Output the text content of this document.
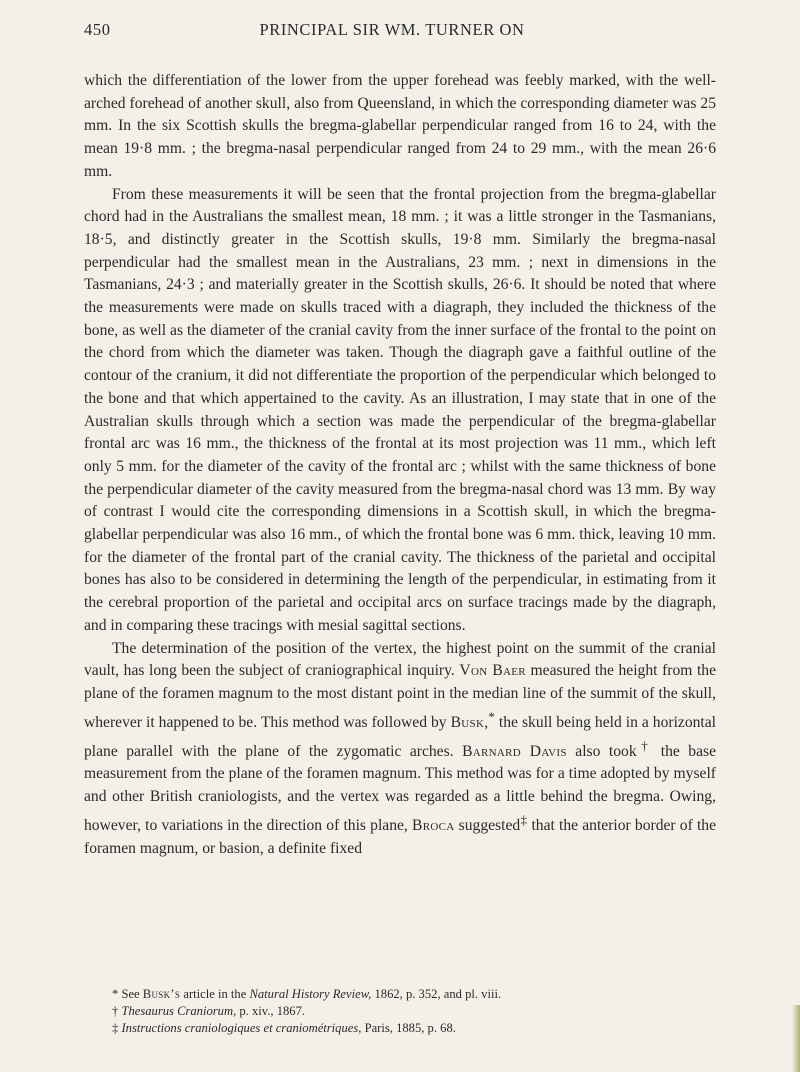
450	PRINCIPAL SIR WM. TURNER ON

which the differentiation of the lower from the upper forehead was feebly marked, with the well-arched forehead of another skull, also from Queensland, in which the corresponding diameter was 25 mm. In the six Scottish skulls the bregma-glabellar perpendicular ranged from 16 to 24, with the mean 19·8 mm. ; the bregma-nasal perpendicular ranged from 24 to 29 mm., with the mean 26·6 mm.

From these measurements it will be seen that the frontal projection from the bregma-glabellar chord had in the Australians the smallest mean, 18 mm. ; it was a little stronger in the Tasmanians, 18·5, and distinctly greater in the Scottish skulls, 19·8 mm. Similarly the bregma-nasal perpendicular had the smallest mean in the Australians, 23 mm. ; next in dimensions in the Tasmanians, 24·3 ; and materially greater in the Scottish skulls, 26·6. It should be noted that where the measurements were made on skulls traced with a diagraph, they included the thickness of the bone, as well as the diameter of the cranial cavity from the inner surface of the frontal to the point on the chord from which the diameter was taken. Though the diagraph gave a faithful outline of the contour of the cranium, it did not differentiate the proportion of the perpendicular which belonged to the bone and that which appertained to the cavity. As an illustration, I may state that in one of the Australian skulls through which a section was made the perpendicular of the bregma-glabellar frontal arc was 16 mm., the thickness of the frontal at its most projection was 11 mm., which left only 5 mm. for the diameter of the cavity of the frontal arc ; whilst with the same thickness of bone the perpendicular diameter of the cavity measured from the bregma-nasal chord was 13 mm. By way of contrast I would cite the corresponding dimensions in a Scottish skull, in which the bregma-glabellar perpendicular was also 16 mm., of which the frontal bone was 6 mm. thick, leaving 10 mm. for the diameter of the frontal part of the cranial cavity. The thickness of the parietal and occipital bones has also to be considered in determining the length of the perpendicular, in estimating from it the cerebral proportion of the parietal and occipital arcs on surface tracings made by the diagraph, and in comparing these tracings with mesial sagittal sections.

The determination of the position of the vertex, the highest point on the summit of the cranial vault, has long been the subject of craniographical inquiry. Von Baer measured the height from the plane of the foramen magnum to the most distant point in the median line of the summit of the skull, wherever it happened to be. This method was followed by Busk,* the skull being held in a horizontal plane parallel with the plane of the zygomatic arches. Barnard Davis also took† the base measurement from the plane of the foramen magnum. This method was for a time adopted by myself and other British craniologists, and the vertex was regarded as a little behind the bregma. Owing, however, to variations in the direction of this plane, Broca suggested‡ that the anterior border of the foramen magnum, or basion, a definite fixed

* See Busk’s article in the Natural History Review, 1862, p. 352, and pl. viii.
† Thesaurus Craniorum, p. xiv., 1867.
‡ Instructions craniologiques et craniométriques, Paris, 1885, p. 68.
